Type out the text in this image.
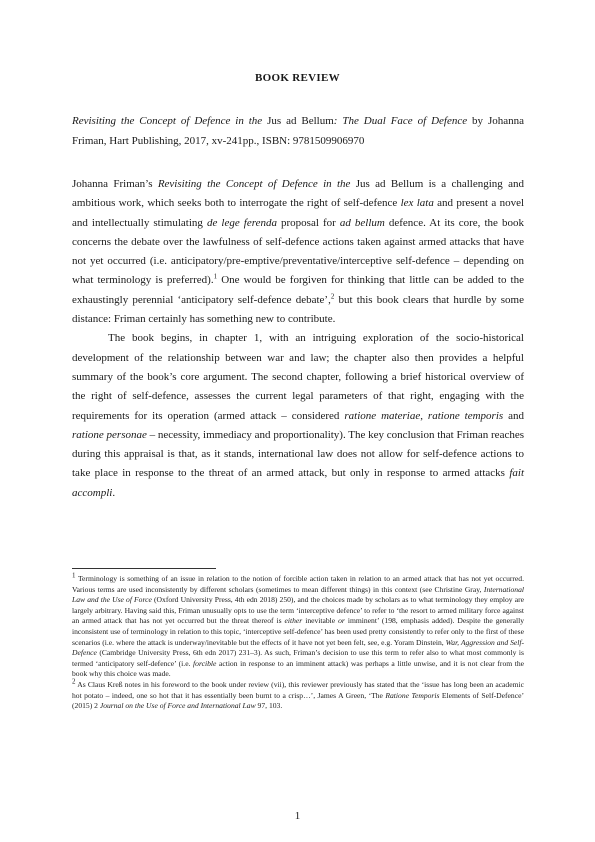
BOOK REVIEW
Revisiting the Concept of Defence in the Jus ad Bellum: The Dual Face of Defence by Johanna Friman, Hart Publishing, 2017, xv-241pp., ISBN: 9781509906970

Johanna Friman’s Revisiting the Concept of Defence in the Jus ad Bellum is a challenging and ambitious work, which seeks both to interrogate the right of self-defence lex lata and present a novel and intellectually stimulating de lege ferenda proposal for ad bellum defence. At its core, the book concerns the debate over the lawfulness of self-defence actions taken against armed attacks that have not yet occurred (i.e. anticipatory/pre-emptive/preventative/interceptive self-defence – depending on what terminology is preferred).$^1$ One would be forgiven for thinking that little can be added to the exhaustingly perennial ‘anticipatory self-defence debate’,$^2$ but this book clears that hurdle by some distance: Friman certainly has something new to contribute.

The book begins, in chapter 1, with an intriguing exploration of the socio-historical development of the relationship between war and law; the chapter also then provides a helpful summary of the book’s core argument. The second chapter, following a brief historical overview of the right of self-defence, assesses the current legal parameters of that right, engaging with the requirements for its operation (armed attack – considered ratione materiae, ratione temporis and ratione personae – necessity, immediacy and proportionality). The key conclusion that Friman reaches during this appraisal is that, as it stands, international law does not allow for self-defence actions to take place in response to the threat of an armed attack, but only in response to armed attacks fait accompli.

$^1$ Terminology is something of an issue in relation to the notion of forcible action taken in relation to an armed attack that has not yet occurred. Various terms are used inconsistently by different scholars (sometimes to mean different things) in this context (see Christine Gray, International Law and the Use of Force (Oxford University Press, 4th edn 2018) 250), and the choices made by scholars as to what terminology they employ are largely arbitrary. Having said this, Friman unusually opts to use the term ‘interceptive defence’ to refer to ‘the resort to armed military force against an armed attack that has not yet occurred but the threat thereof is either inevitable or imminent’ (198, emphasis added). Despite the generally inconsistent use of terminology in relation to this topic, ‘interceptive self-defence’ has been used pretty consistently to refer only to the first of these scenarios (i.e. where the attack is underway/inevitable but the effects of it have not yet been felt, see, e.g. Yoram Dinstein, War, Aggression and Self-Defence (Cambridge University Press, 6th edn 2017) 231–3). As such, Friman’s decision to use this term to refer also to what most commonly is termed ‘anticipatory self-defence’ (i.e. forcible action in response to an imminent attack) was perhaps a little unwise, and it is not clear from the book why this choice was made.

$^2$ As Claus Kreß notes in his foreword to the book under review (vii), this reviewer previously has stated that the ‘issue has long been an academic hot potato – indeed, one so hot that it has essentially been burnt to a crisp…’, James A Green, ‘The Ratione Temporis Elements of Self-Defence’ (2015) 2 Journal on the Use of Force and International Law 97, 103.

1
